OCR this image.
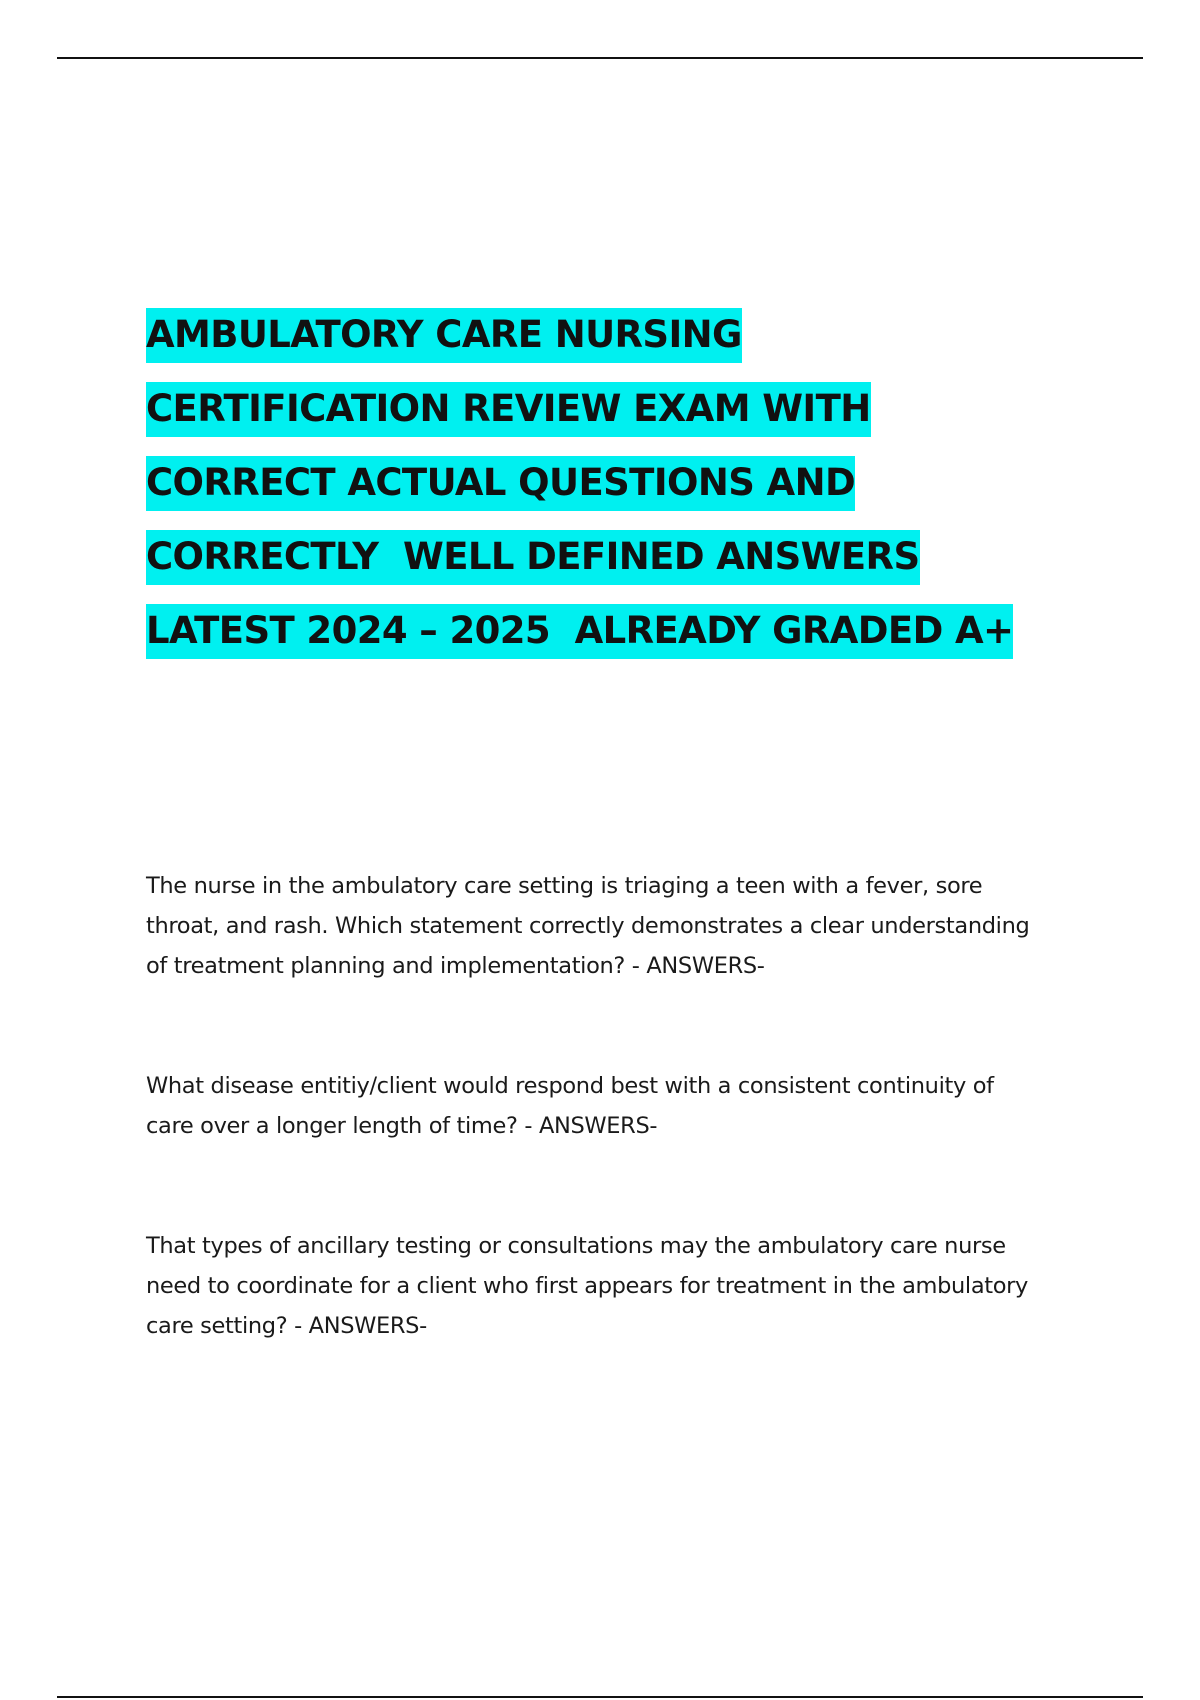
AMBULATORY CARE NURSING
CERTIFICATION REVIEW EXAM WITH
CORRECT ACTUAL QUESTIONS AND
CORRECTLY  WELL DEFINED ANSWERS
LATEST 2024 – 2025  ALREADY GRADED A+

The nurse in the ambulatory care setting is triaging a teen with a fever, sore
throat, and rash. Which statement correctly demonstrates a clear understanding
of treatment planning and implementation? - ANSWERS-

What disease entitiy/client would respond best with a consistent continuity of
care over a longer length of time? - ANSWERS-

That types of ancillary testing or consultations may the ambulatory care nurse
need to coordinate for a client who first appears for treatment in the ambulatory
care setting? - ANSWERS-
